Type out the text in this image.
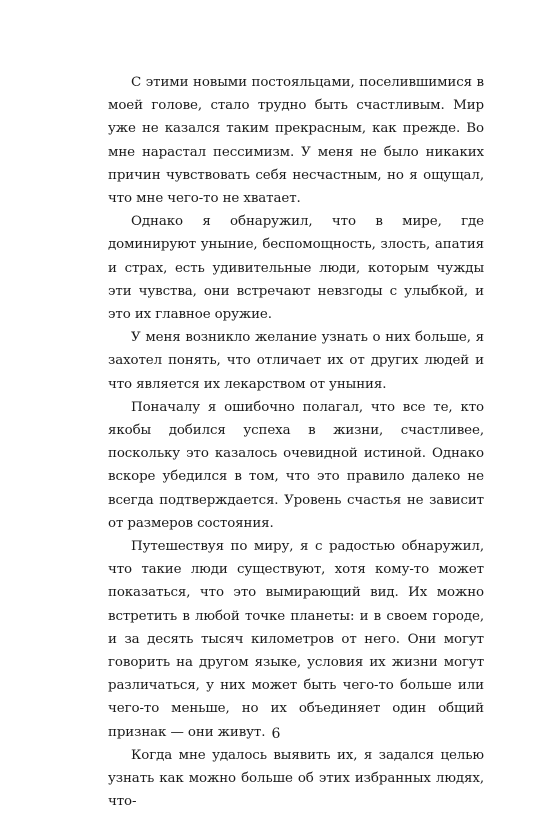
С этими новыми постояльцами, поселившимися в моей голове, стало трудно быть счастливым. Мир уже не казался таким прекрасным, как прежде. Во мне нарастал пессимизм. У меня не было никаких причин чувствовать себя несчастным, но я ощущал, что мне чего-то не хватает.

Однако я обнаружил, что в мире, где доминируют уныние, беспомощность, злость, апатия и страх, есть удивительные люди, которым чужды эти чувства, они встречают невзгоды с улыбкой, и это их главное оружие.

У меня возникло желание узнать о них больше, я захотел понять, что отличает их от других людей и что является их лекарством от уныния.

Поначалу я ошибочно полагал, что все те, кто якобы добился успеха в жизни, счастливее, поскольку это казалось очевидной истиной. Однако вскоре убедился в том, что это правило далеко не всегда подтверждается. Уровень счастья не зависит от размеров состояния.

Путешествуя по миру, я с радостью обнаружил, что такие люди существуют, хотя кому-то может показаться, что это вымирающий вид. Их можно встретить в любой точке планеты: и в своем городе, и за десять тысяч километров от него. Они могут говорить на другом языке, условия их жизни могут различаться, у них может быть чего-то больше или чего-то меньше, но их объединяет один общий признак — они живут.

Когда мне удалось выявить их, я задался целью узнать как можно больше об этих избранных людях, что-

6
